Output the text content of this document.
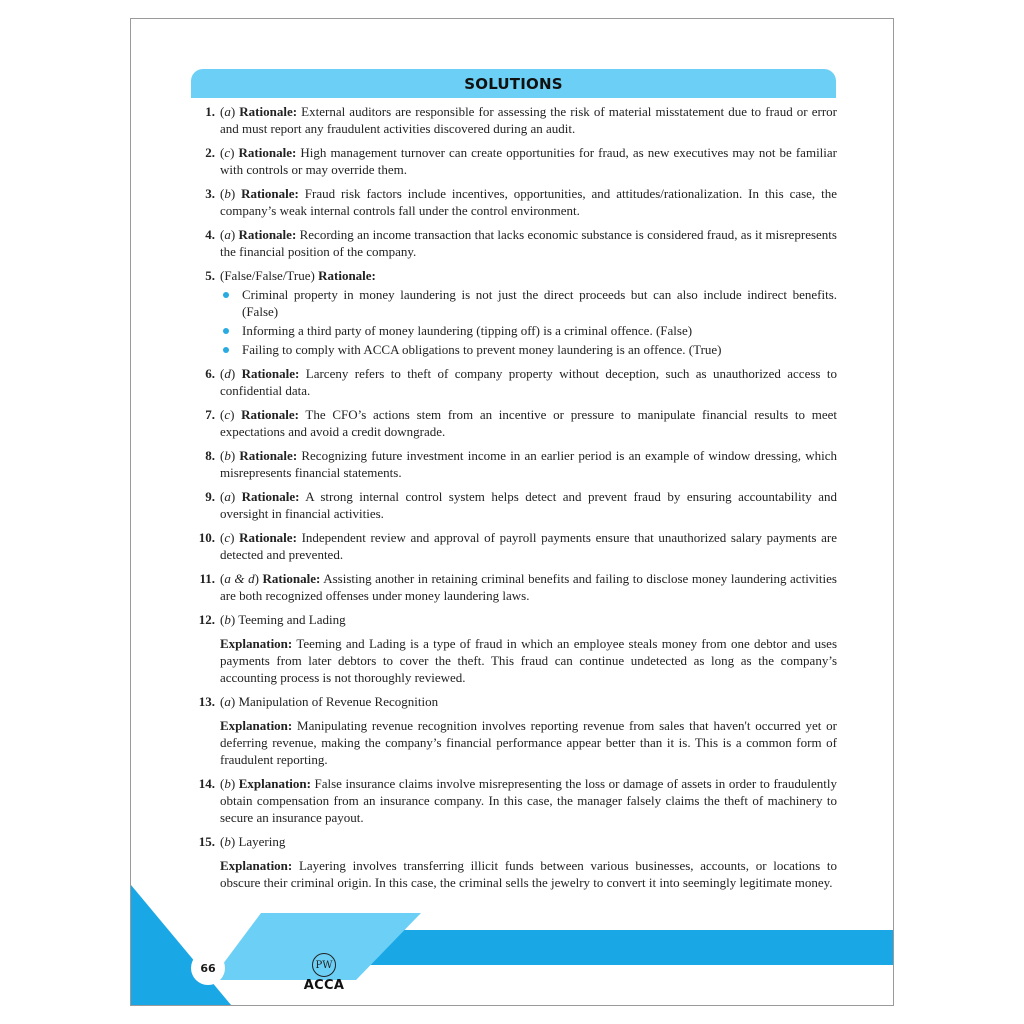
SOLUTIONS
1. (a) Rationale: External auditors are responsible for assessing the risk of material misstatement due to fraud or error and must report any fraudulent activities discovered during an audit.
2. (c) Rationale: High management turnover can create opportunities for fraud, as new executives may not be familiar with controls or may override them.
3. (b) Rationale: Fraud risk factors include incentives, opportunities, and attitudes/rationalization. In this case, the company’s weak internal controls fall under the control environment.
4. (a) Rationale: Recording an income transaction that lacks economic substance is considered fraud, as it misrepresents the financial position of the company.
5. (False/False/True) Rationale:
Criminal property in money laundering is not just the direct proceeds but can also include indirect benefits. (False)
Informing a third party of money laundering (tipping off) is a criminal offence. (False)
Failing to comply with ACCA obligations to prevent money laundering is an offence. (True)
6. (d) Rationale: Larceny refers to theft of company property without deception, such as unauthorized access to confidential data.
7. (c) Rationale: The CFO’s actions stem from an incentive or pressure to manipulate financial results to meet expectations and avoid a credit downgrade.
8. (b) Rationale: Recognizing future investment income in an earlier period is an example of window dressing, which misrepresents financial statements.
9. (a) Rationale: A strong internal control system helps detect and prevent fraud by ensuring accountability and oversight in financial activities.
10. (c) Rationale: Independent review and approval of payroll payments ensure that unauthorized salary payments are detected and prevented.
11. (a & d) Rationale: Assisting another in retaining criminal benefits and failing to disclose money laundering activities are both recognized offenses under money laundering laws.
12. (b) Teeming and Lading
Explanation: Teeming and Lading is a type of fraud in which an employee steals money from one debtor and uses payments from later debtors to cover the theft. This fraud can continue undetected as long as the company’s accounting process is not thoroughly reviewed.
13. (a) Manipulation of Revenue Recognition
Explanation: Manipulating revenue recognition involves reporting revenue from sales that haven't occurred yet or deferring revenue, making the company’s financial performance appear better than it is. This is a common form of fraudulent reporting.
14. (b) Explanation: False insurance claims involve misrepresenting the loss or damage of assets in order to fraudulently obtain compensation from an insurance company. In this case, the manager falsely claims the theft of machinery to secure an insurance payout.
15. (b) Layering
Explanation: Layering involves transferring illicit funds between various businesses, accounts, or locations to obscure their criminal origin. In this case, the criminal sells the jewelry to convert it into seemingly legitimate money.
66	PW
ACCA	Business and Technology (Question Bank)
